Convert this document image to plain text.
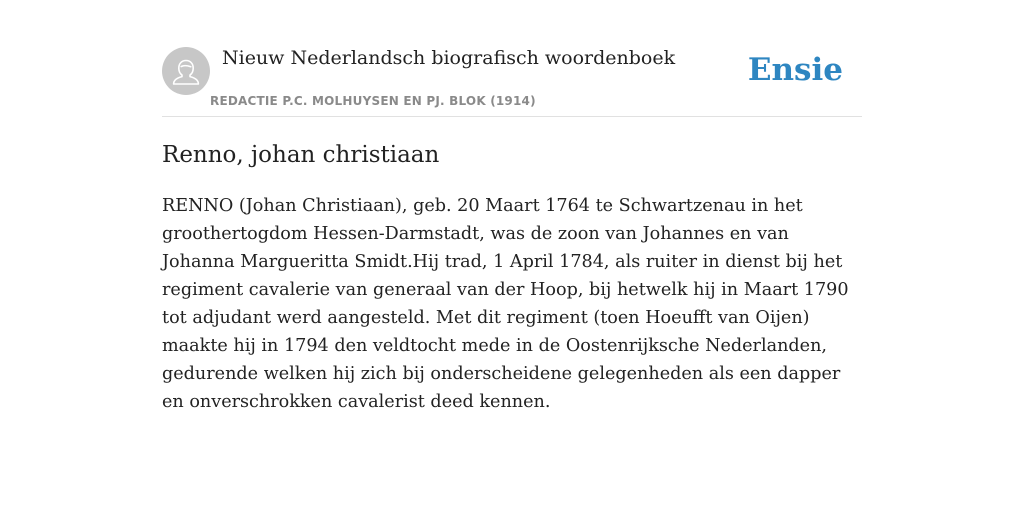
Nieuw Nederlandsch biografisch woordenboek
REDACTIE P.C. MOLHUYSEN EN PJ. BLOK (1914)
Ensie
Renno, johan christiaan

RENNO (Johan Christiaan), geb. 20 Maart 1764 te Schwartzenau in het groothertogdom Hessen-Darmstadt, was de zoon van Johannes en van Johanna Margueritta Smidt.Hij trad, 1 April 1784, als ruiter in dienst bij het regiment cavalerie van generaal van der Hoop, bij hetwelk hij in Maart 1790 tot adjudant werd aangesteld. Met dit regiment (toen Hoeufft van Oijen) maakte hij in 1794 den veldtocht mede in de Oostenrijksche Nederlanden, gedurende welken hij zich bij onderscheidene gelegenheden als een dapper en onverschrokken cavalerist deed kennen.
